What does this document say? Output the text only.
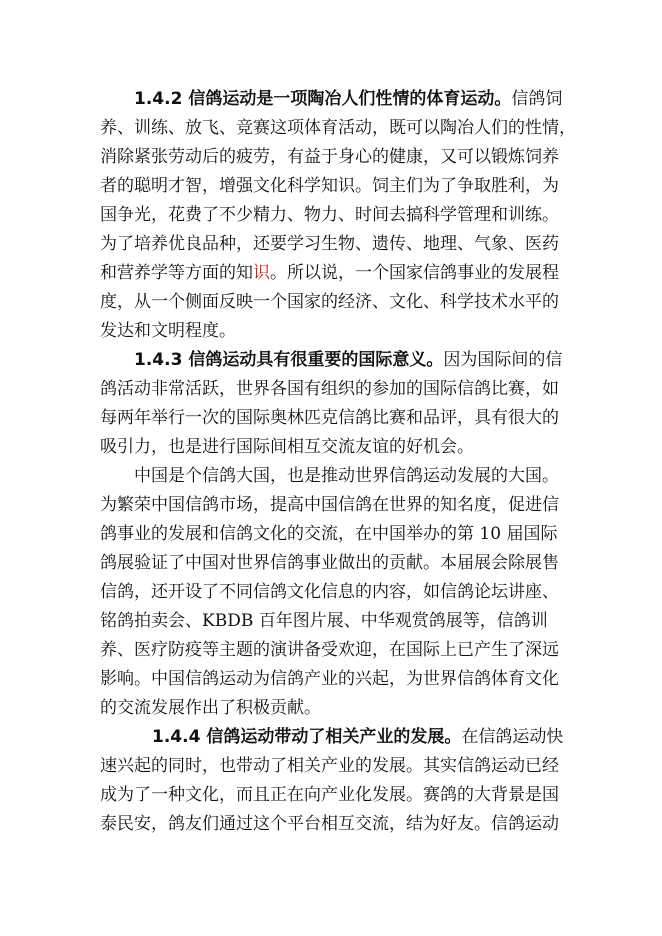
1.4.2 信鸽运动是一项陶冶人们性情的体育运动。信鸽饲
养、训练、放飞、竞赛这项体育活动，既可以陶冶人们的性情，
消除紧张劳动后的疲劳，有益于身心的健康，又可以锻炼饲养
者的聪明才智，增强文化科学知识。饲主们为了争取胜利，为
国争光，花费了不少精力、物力、时间去搞科学管理和训练。
为了培养优良品种，还要学习生物、遗传、地理、气象、医药
和营养学等方面的知识。所以说，一个国家信鸽事业的发展程
度，从一个侧面反映一个国家的经济、文化、科学技术水平的
发达和文明程度。
1.4.3 信鸽运动具有很重要的国际意义。因为国际间的信
鸽活动非常活跃，世界各国有组织的参加的国际信鸽比赛，如
每两年举行一次的国际奥林匹克信鸽比赛和品评，具有很大的
吸引力，也是进行国际间相互交流友谊的好机会。
中国是个信鸽大国，也是推动世界信鸽运动发展的大国。
为繁荣中国信鸽市场，提高中国信鸽在世界的知名度，促进信
鸽事业的发展和信鸽文化的交流，在中国举办的第 10 届国际
鸽展验证了中国对世界信鸽事业做出的贡献。本届展会除展售
信鸽，还开设了不同信鸽文化信息的内容，如信鸽论坛讲座、
铭鸽拍卖会、KBDB 百年图片展、中华观赏鸽展等，信鸽训
养、医疗防疫等主题的演讲备受欢迎，在国际上已产生了深远
影响。中国信鸽运动为信鸽产业的兴起，为世界信鸽体育文化
的交流发展作出了积极贡献。
1.4.4 信鸽运动带动了相关产业的发展。在信鸽运动快
速兴起的同时，也带动了相关产业的发展。其实信鸽运动已经
成为了一种文化，而且正在向产业化发展。赛鸽的大背景是国
泰民安，鸽友们通过这个平台相互交流，结为好友。信鸽运动
